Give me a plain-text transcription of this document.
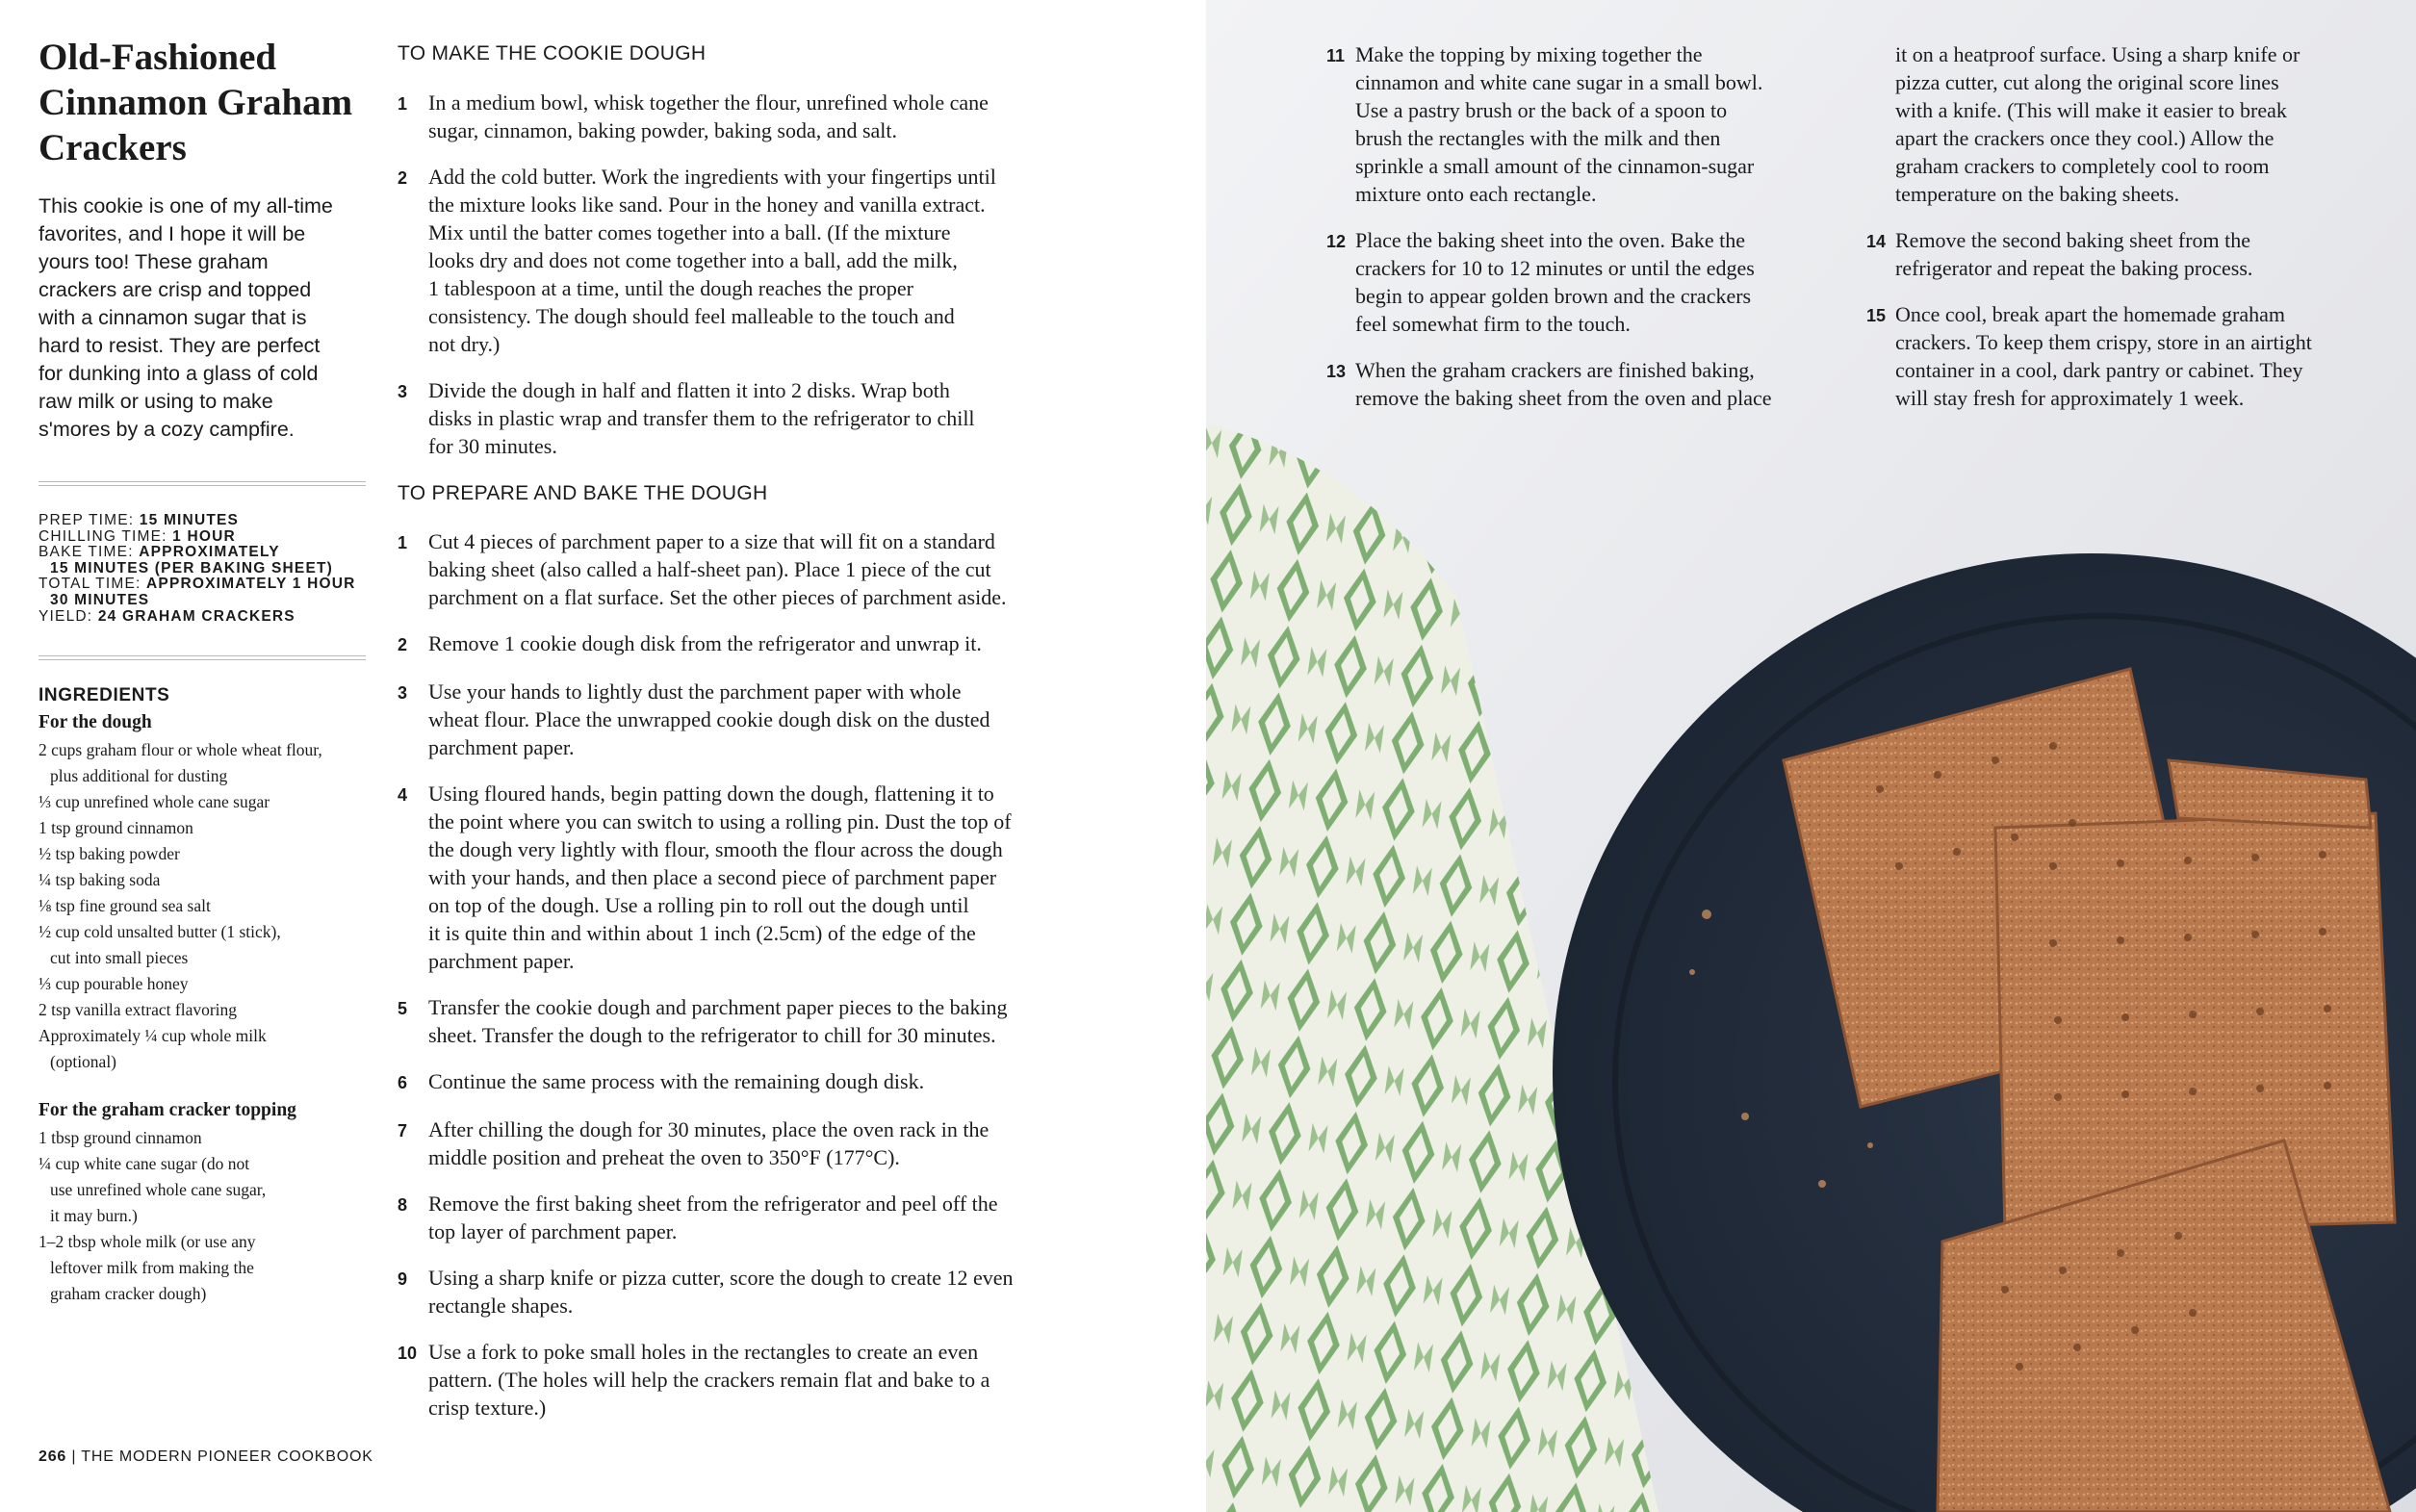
Old-Fashioned
Cinnamon Graham
Crackers
This cookie is one of my all-time
favorites, and I hope it will be
yours too! These graham
crackers are crisp and topped
with a cinnamon sugar that is
hard to resist. They are perfect
for dunking into a glass of cold
raw milk or using to make
s'mores by a cozy campfire.
PREP TIME: 15 MINUTES
CHILLING TIME: 1 HOUR
BAKE TIME: APPROXIMATELY
15 MINUTES (PER BAKING SHEET)
TOTAL TIME: APPROXIMATELY 1 HOUR
30 MINUTES
YIELD: 24 GRAHAM CRACKERS
INGREDIENTS
For the dough
2 cups graham flour or whole wheat flour,
plus additional for dusting
⅓ cup unrefined whole cane sugar
1 tsp ground cinnamon
½ tsp baking powder
¼ tsp baking soda
⅛ tsp fine ground sea salt
½ cup cold unsalted butter (1 stick),
cut into small pieces
⅓ cup pourable honey
2 tsp vanilla extract flavoring
Approximately ¼ cup whole milk
(optional)
For the graham cracker topping
1 tbsp ground cinnamon
¼ cup white cane sugar (do not
use unrefined whole cane sugar,
it may burn.)
1–2 tbsp whole milk (or use any
leftover milk from making the
graham cracker dough)
TO MAKE THE COOKIE DOUGH
1 In a medium bowl, whisk together the flour, unrefined whole cane
sugar, cinnamon, baking powder, baking soda, and salt.
2 Add the cold butter. Work the ingredients with your fingertips until
the mixture looks like sand. Pour in the honey and vanilla extract.
Mix until the batter comes together into a ball. (If the mixture
looks dry and does not come together into a ball, add the milk,
1 tablespoon at a time, until the dough reaches the proper
consistency. The dough should feel malleable to the touch and
not dry.)
3 Divide the dough in half and flatten it into 2 disks. Wrap both
disks in plastic wrap and transfer them to the refrigerator to chill
for 30 minutes.
TO PREPARE AND BAKE THE DOUGH
1 Cut 4 pieces of parchment paper to a size that will fit on a standard
baking sheet (also called a half-sheet pan). Place 1 piece of the cut
parchment on a flat surface. Set the other pieces of parchment aside.
2 Remove 1 cookie dough disk from the refrigerator and unwrap it.
3 Use your hands to lightly dust the parchment paper with whole
wheat flour. Place the unwrapped cookie dough disk on the dusted
parchment paper.
4 Using floured hands, begin patting down the dough, flattening it to
the point where you can switch to using a rolling pin. Dust the top of
the dough very lightly with flour, smooth the flour across the dough
with your hands, and then place a second piece of parchment paper
on top of the dough. Use a rolling pin to roll out the dough until
it is quite thin and within about 1 inch (2.5cm) of the edge of the
parchment paper.
5 Transfer the cookie dough and parchment paper pieces to the baking
sheet. Transfer the dough to the refrigerator to chill for 30 minutes.
6 Continue the same process with the remaining dough disk.
7 After chilling the dough for 30 minutes, place the oven rack in the
middle position and preheat the oven to 350°F (177°C).
8 Remove the first baking sheet from the refrigerator and peel off the
top layer of parchment paper.
9 Using a sharp knife or pizza cutter, score the dough to create 12 even
rectangle shapes.
10 Use a fork to poke small holes in the rectangles to create an even
pattern. (The holes will help the crackers remain flat and bake to a
crisp texture.)
266 | THE MODERN PIONEER COOKBOOK
11 Make the topping by mixing together the
cinnamon and white cane sugar in a small bowl.
Use a pastry brush or the back of a spoon to
brush the rectangles with the milk and then
sprinkle a small amount of the cinnamon-sugar
mixture onto each rectangle.
12 Place the baking sheet into the oven. Bake the
crackers for 10 to 12 minutes or until the edges
begin to appear golden brown and the crackers
feel somewhat firm to the touch.
13 When the graham crackers are finished baking,
remove the baking sheet from the oven and place
it on a heatproof surface. Using a sharp knife or
pizza cutter, cut along the original score lines
with a knife. (This will make it easier to break
apart the crackers once they cool.) Allow the
graham crackers to completely cool to room
temperature on the baking sheets.
14 Remove the second baking sheet from the
refrigerator and repeat the baking process.
15 Once cool, break apart the homemade graham
crackers. To keep them crispy, store in an airtight
container in a cool, dark pantry or cabinet. They
will stay fresh for approximately 1 week.
